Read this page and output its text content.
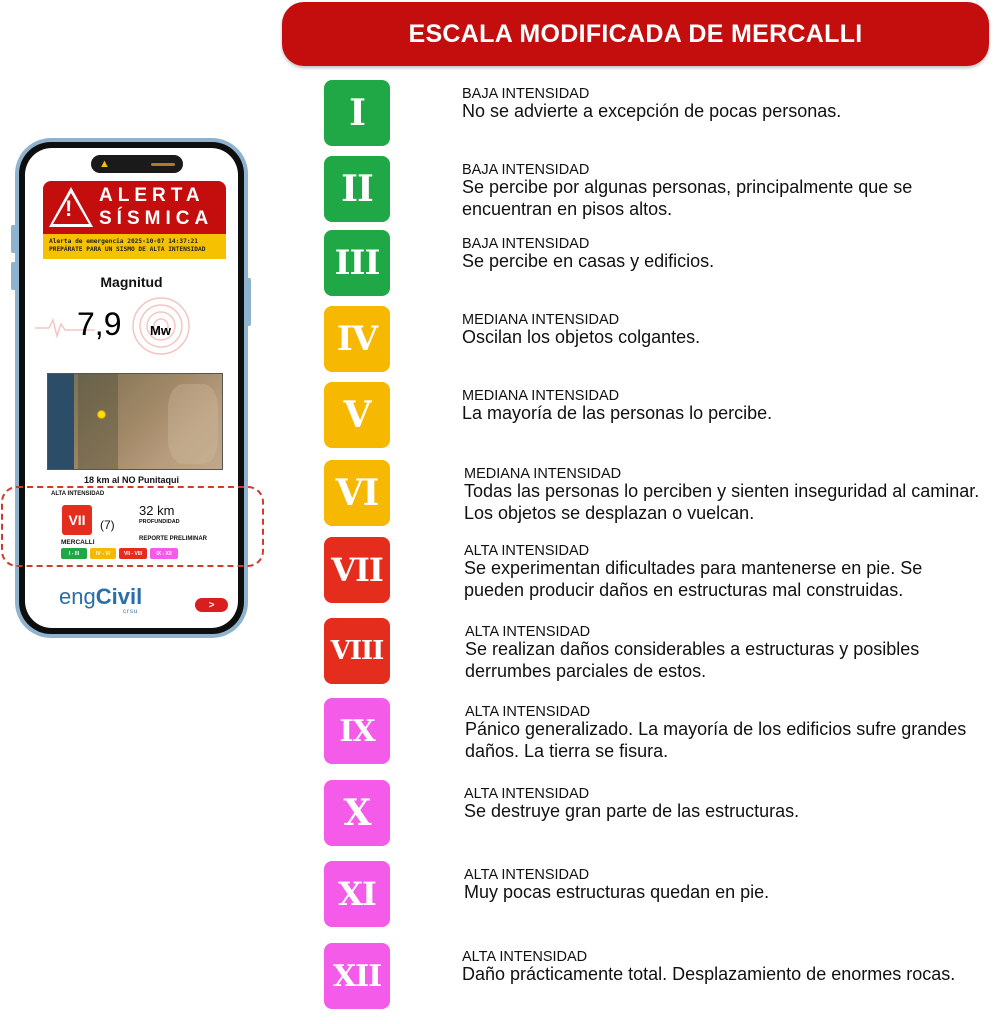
ESCALA MODIFICADA DE MERCALLI
I	BAJA INTENSIDAD
No se advierte a excepción de pocas personas.
II	BAJA INTENSIDAD
Se percibe por algunas personas, principalmente que se encuentran en pisos altos.
III	BAJA INTENSIDAD
Se percibe en casas y edificios.
IV	MEDIANA INTENSIDAD
Oscilan los objetos colgantes.
V	MEDIANA INTENSIDAD
La mayoría de las personas lo percibe.
VI	MEDIANA INTENSIDAD
Todas las personas lo perciben y sienten inseguridad al caminar. Los objetos se desplazan o vuelcan.
VII	ALTA INTENSIDAD
Se experimentan dificultades para mantenerse en pie. Se pueden producir daños en estructuras mal construidas.
VIII
ALTA INTENSIDAD
Se realizan daños considerables a estructuras y posibles derrumbes parciales de estos.
IX
ALTA INTENSIDAD
Pánico generalizado. La mayoría de los edificios sufre grandes daños. La tierra se fisura.
X	ALTA INTENSIDAD
Se destruye gran parte de las estructuras.
XI	ALTA INTENSIDAD
Muy pocas estructuras quedan en pie.
XII
ALTA INTENSIDAD
Daño prácticamente total. Desplazamiento de enormes rocas.
▲
!
ALERTA
SÍSMICA
Alerta de emergencia 2025-10-07 14:37:21
PREPÁRATE PARA UN SISMO DE ALTA INTENSIDAD
Magnitud
7,9 Mw
18 km al NO Punitaqui
ALTA INTENSIDAD
VII	(7)
32 km
PROFUNDIDAD
MERCALLI	REPORTE PRELIMINAR
I - III	IV - VI	VII - VIII	IX - XII
engCivil
crsu
>
